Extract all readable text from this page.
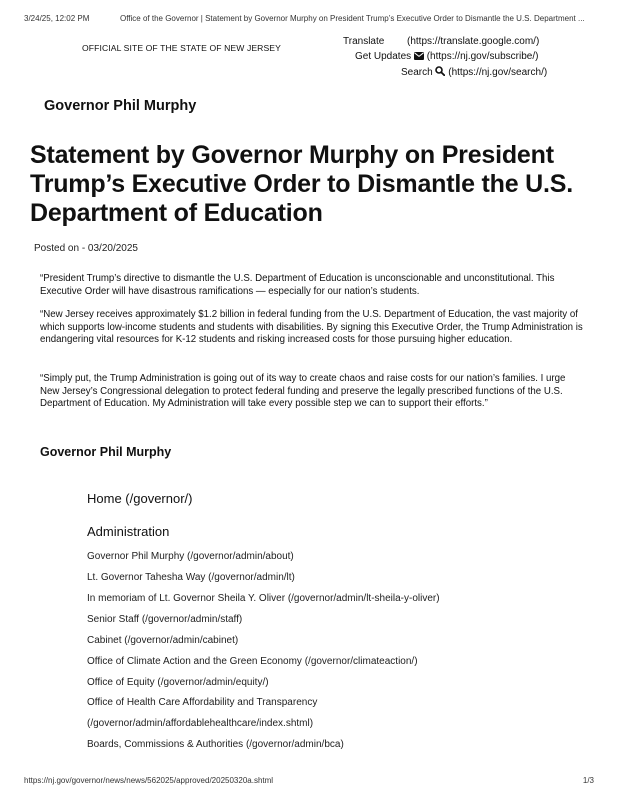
3/24/25, 12:02 PM	Office of the Governor | Statement by Governor Murphy on President Trump’s Executive Order to Dismantle the U.S. Department ...
OFFICIAL SITE OF THE STATE OF NEW JERSEY
Translate (https://translate.google.com/)
Get Updates (https://nj.gov/subscribe/)
Search (https://nj.gov/search/)
Governor Phil Murphy
Statement by Governor Murphy on President Trump’s Executive Order to Dismantle the U.S. Department of Education
Posted on - 03/20/2025

“President Trump’s directive to dismantle the U.S. Department of Education is unconscionable and unconstitutional. This Executive Order will have disastrous ramifications — especially for our nation’s students.

“New Jersey receives approximately $1.2 billion in federal funding from the U.S. Department of Education, the vast majority of which supports low-income students and students with disabilities. By signing this Executive Order, the Trump Administration is endangering vital resources for K-12 students and risking increased costs for those pursuing higher education.

“Simply put, the Trump Administration is going out of its way to create chaos and raise costs for our nation’s families. I urge New Jersey’s Congressional delegation to protect federal funding and preserve the legally prescribed functions of the U.S. Department of Education. My Administration will take every possible step we can to support their efforts.”

Governor Phil Murphy
Home (/governor/)
Administration
Governor Phil Murphy (/governor/admin/about)
Lt. Governor Tahesha Way (/governor/admin/lt)
In memoriam of Lt. Governor Sheila Y. Oliver (/governor/admin/lt-sheila-y-oliver)
Senior Staff (/governor/admin/staff)
Cabinet (/governor/admin/cabinet)
Office of Climate Action and the Green Economy (/governor/climateaction/)
Office of Equity (/governor/admin/equity/)
Office of Health Care Affordability and Transparency
(/governor/admin/affordablehealthcare/index.shtml)
Boards, Commissions & Authorities (/governor/admin/bca)
https://nj.gov/governor/news/news/562025/approved/20250320a.shtml	1/3
